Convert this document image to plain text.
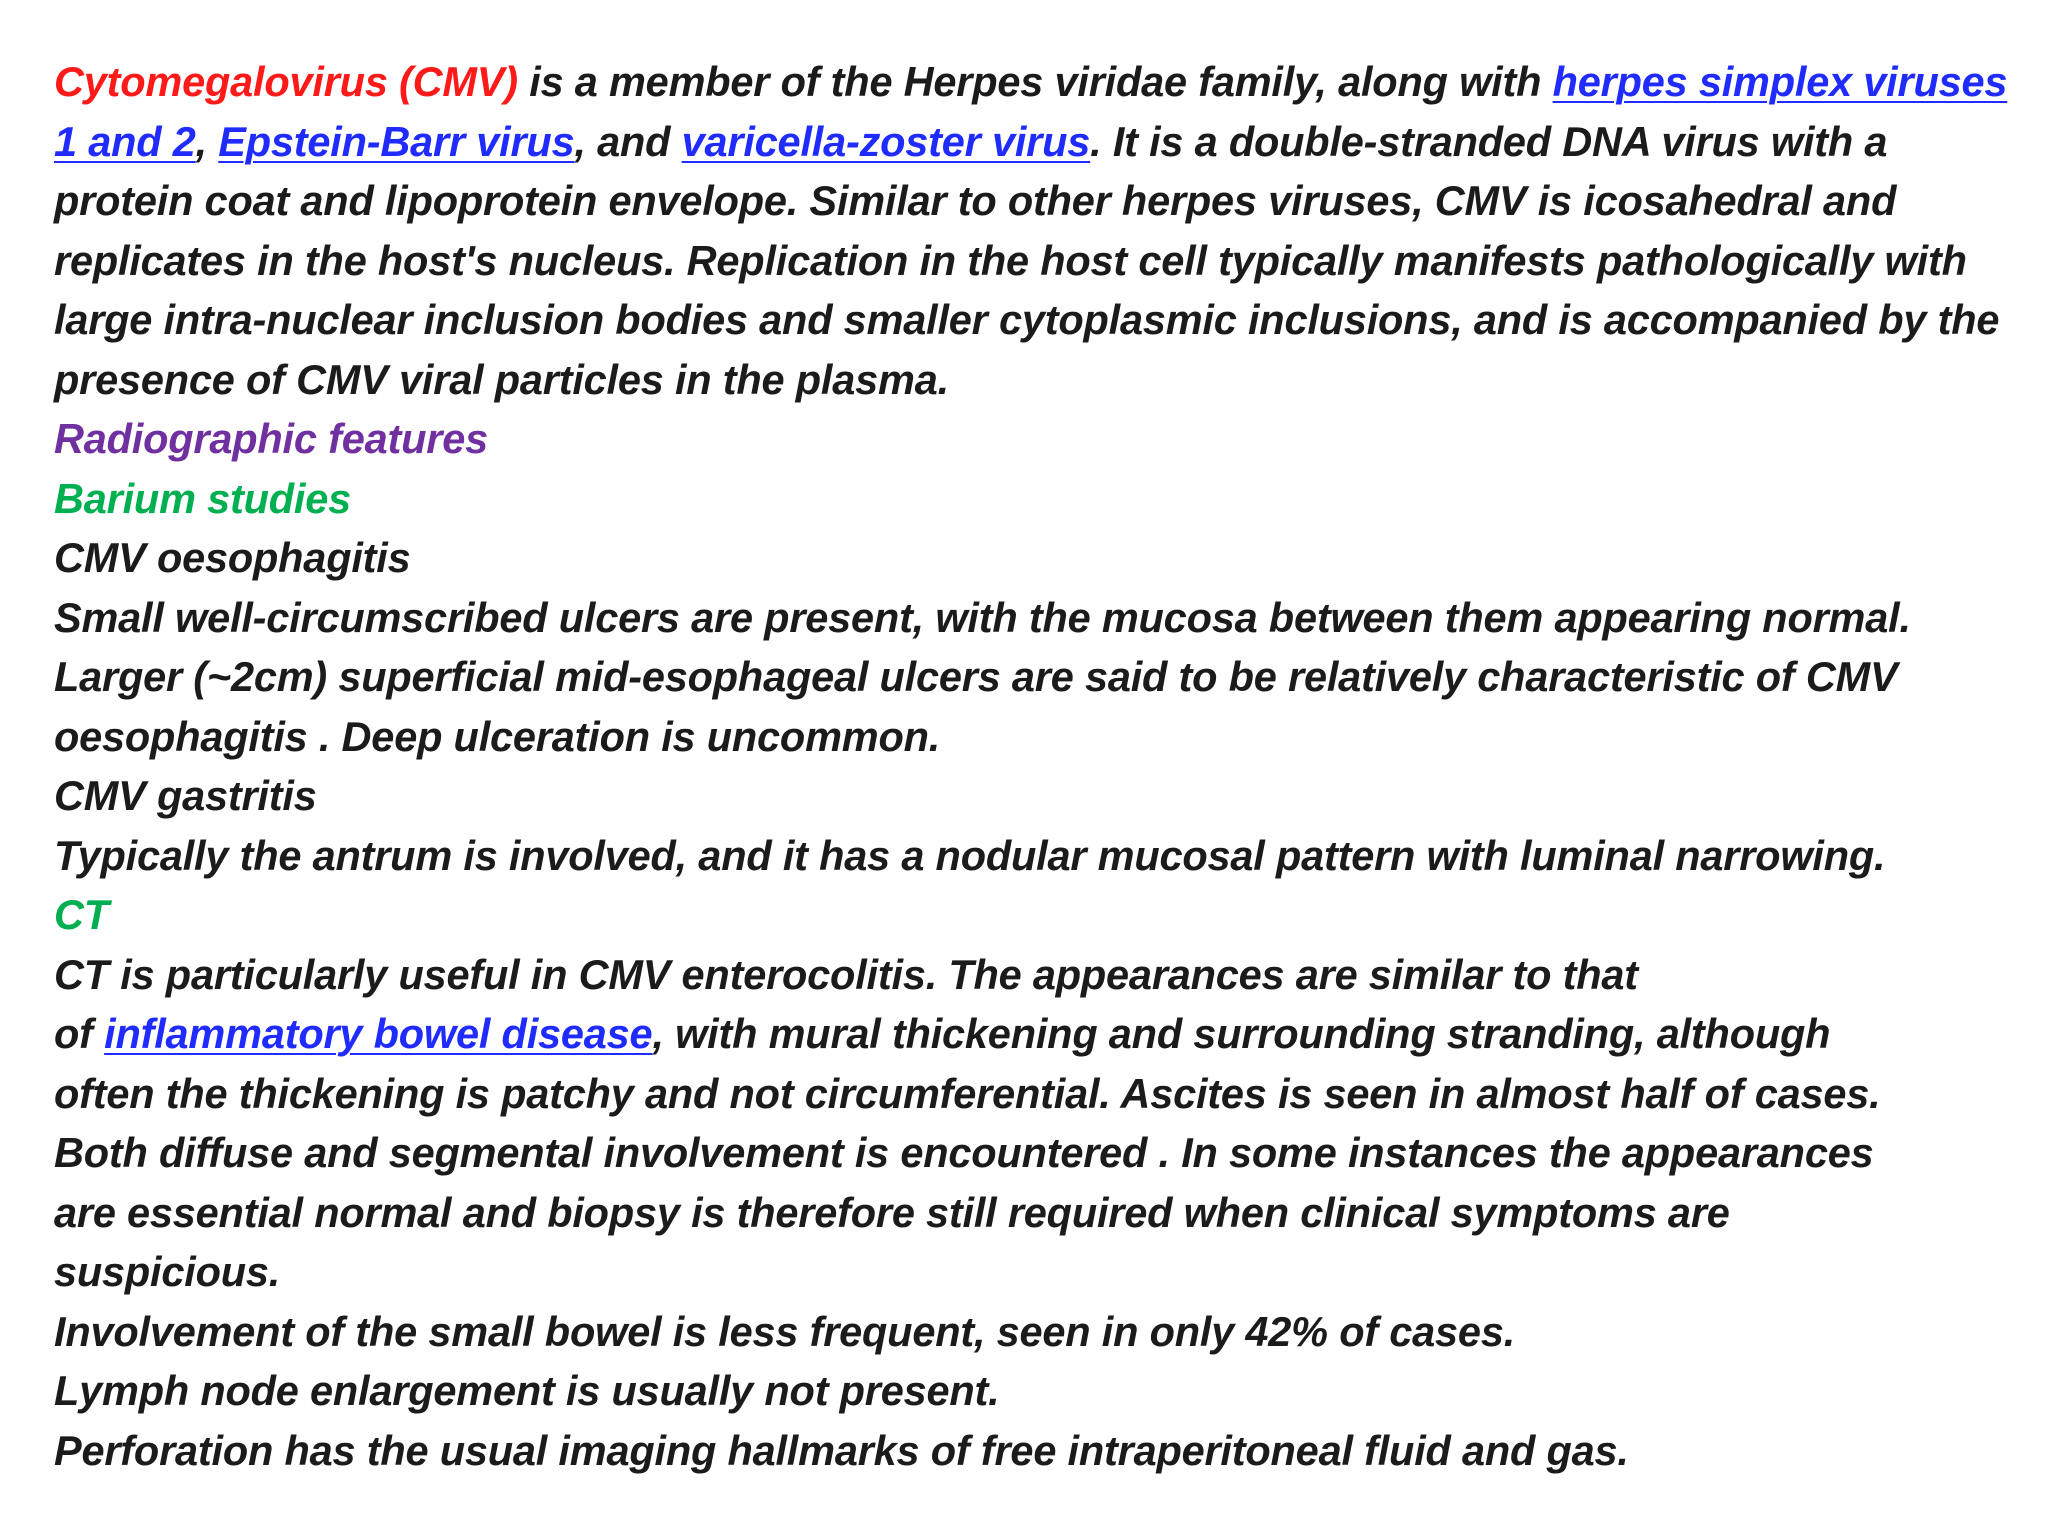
Cytomegalovirus (CMV) is a member of the Herpes viridae family, along with herpes simplex viruses 1 and 2, Epstein-Barr virus, and varicella-zoster virus. It is a double-stranded DNA virus with a protein coat and lipoprotein envelope. Similar to other herpes viruses, CMV is icosahedral and replicates in the host's nucleus. Replication in the host cell typically manifests pathologically with large intra-nuclear inclusion bodies and smaller cytoplasmic inclusions, and is accompanied by the presence of CMV viral particles in the plasma.
Radiographic features
Barium studies
CMV oesophagitis
Small well-circumscribed ulcers are present, with the mucosa between them appearing normal.
Larger (~2cm) superficial mid-esophageal ulcers are said to be relatively characteristic of CMV
oesophagitis . Deep ulceration is uncommon.
CMV gastritis
Typically the antrum is involved, and it has a nodular mucosal pattern with luminal narrowing.
CT
CT is particularly useful in CMV enterocolitis. The appearances are similar to that
of inflammatory bowel disease, with mural thickening and surrounding stranding, although
often the thickening is patchy and not circumferential. Ascites is seen in almost half of cases.
Both diffuse and segmental involvement is encountered . In some instances the appearances
are essential normal and biopsy is therefore still required when clinical symptoms are
suspicious.
Involvement of the small bowel is less frequent, seen in only 42% of cases.
Lymph node enlargement is usually not present.
Perforation has the usual imaging hallmarks of free intraperitoneal fluid and gas.
